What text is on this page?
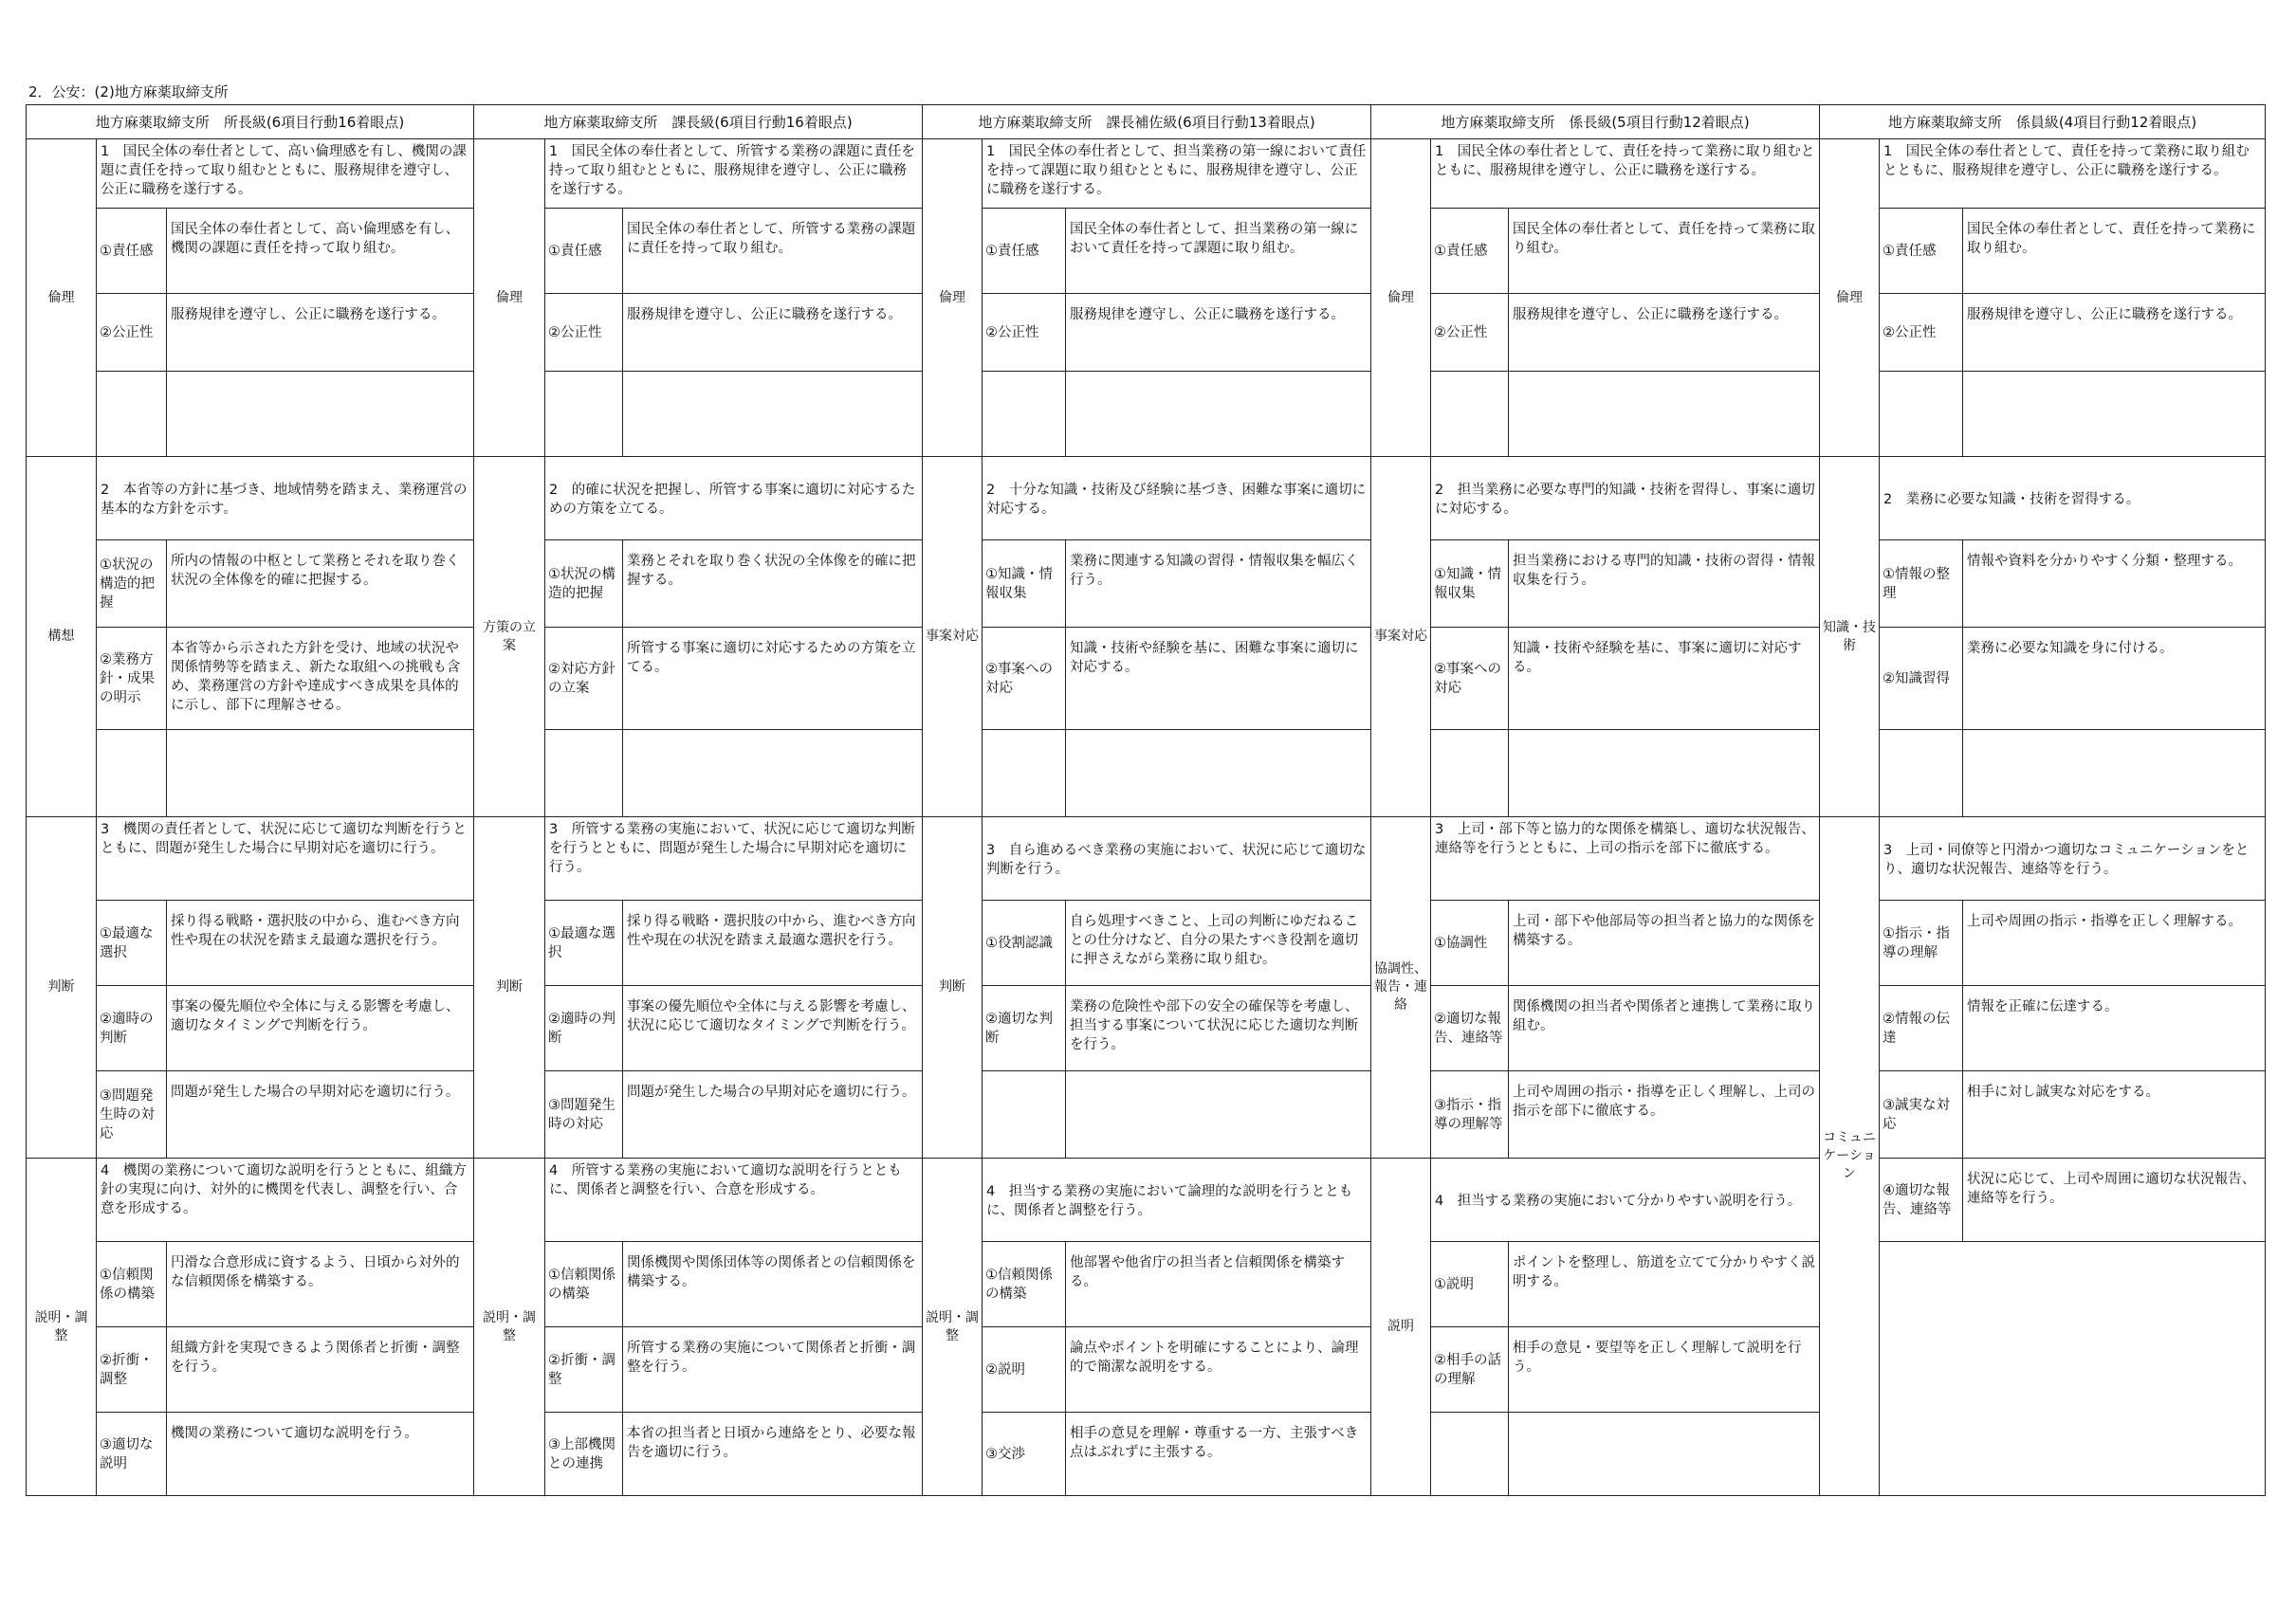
2．公安：(2)地方麻薬取締支所
地方麻薬取締支所　所長級(6項目行動16着眼点)
倫理
1　国民全体の奉仕者として、高い倫理感を有し、機関の課題に責任を持って取り組むとともに、服務規律を遵守し、公正に職務を遂行する。
①責任感
国民全体の奉仕者として、高い倫理感を有し、機関の課題に責任を持って取り組む。
②公正性
服務規律を遵守し、公正に職務を遂行する。
構想
2　本省等の方針に基づき、地域情勢を踏まえ、業務運営の基本的な方針を示す。
①状況の構造的把握
所内の情報の中枢として業務とそれを取り巻く状況の全体像を的確に把握する。
②業務方針・成果の明示
本省等から示された方針を受け、地域の状況や関係情勢等を踏まえ、新たな取組への挑戦も含め、業務運営の方針や達成すべき成果を具体的に示し、部下に理解させる。
判断
3　機関の責任者として、状況に応じて適切な判断を行うとともに、問題が発生した場合に早期対応を適切に行う。
①最適な選択
採り得る戦略・選択肢の中から、進むべき方向性や現在の状況を踏まえ最適な選択を行う。
②適時の判断
事案の優先順位や全体に与える影響を考慮し、適切なタイミングで判断を行う。
③問題発生時の対応
問題が発生した場合の早期対応を適切に行う。
説明・調整
4　機関の業務について適切な説明を行うとともに、組織方針の実現に向け、対外的に機関を代表し、調整を行い、合意を形成する。
①信頼関係の構築
円滑な合意形成に資するよう、日頃から対外的な信頼関係を構築する。
②折衝・調整
組織方針を実現できるよう関係者と折衝・調整を行う。
③適切な説明
機関の業務について適切な説明を行う。
地方麻薬取締支所　課長級(6項目行動16着眼点)
倫理
1　国民全体の奉仕者として、所管する業務の課題に責任を持って取り組むとともに、服務規律を遵守し、公正に職務を遂行する。
①責任感
国民全体の奉仕者として、所管する業務の課題に責任を持って取り組む。
②公正性
服務規律を遵守し、公正に職務を遂行する。
方策の立案
2　的確に状況を把握し、所管する事案に適切に対応するための方策を立てる。
①状況の構造的把握
業務とそれを取り巻く状況の全体像を的確に把握する。
②対応方針の立案
所管する事案に適切に対応するための方策を立てる。
判断
3　所管する業務の実施において、状況に応じて適切な判断を行うとともに、問題が発生した場合に早期対応を適切に行う。
①最適な選択
採り得る戦略・選択肢の中から、進むべき方向性や現在の状況を踏まえ最適な選択を行う。
②適時の判断
事案の優先順位や全体に与える影響を考慮し、状況に応じて適切なタイミングで判断を行う。
③問題発生時の対応
問題が発生した場合の早期対応を適切に行う。
説明・調整
4　所管する業務の実施において適切な説明を行うとともに、関係者と調整を行い、合意を形成する。
①信頼関係の構築
関係機関や関係団体等の関係者との信頼関係を構築する。
②折衝・調整
所管する業務の実施について関係者と折衝・調整を行う。
③上部機関との連携
本省の担当者と日頃から連絡をとり、必要な報告を適切に行う。
地方麻薬取締支所　課長補佐級(6項目行動13着眼点)
倫理
1　国民全体の奉仕者として、担当業務の第一線において責任を持って課題に取り組むとともに、服務規律を遵守し、公正に職務を遂行する。
①責任感
国民全体の奉仕者として、担当業務の第一線において責任を持って課題に取り組む。
②公正性
服務規律を遵守し、公正に職務を遂行する。
事案対応
2　十分な知識・技術及び経験に基づき、困難な事案に適切に対応する。
①知識・情報収集
業務に関連する知識の習得・情報収集を幅広く行う。
②事案への対応
知識・技術や経験を基に、困難な事案に適切に対応する。
判断
3　自ら進めるべき業務の実施において、状況に応じて適切な判断を行う。
①役割認識
自ら処理すべきこと、上司の判断にゆだねることの仕分けなど、自分の果たすべき役割を適切に押さえながら業務に取り組む。
②適切な判断
業務の危険性や部下の安全の確保等を考慮し、担当する事案について状況に応じた適切な判断を行う。
説明・調整
4　担当する業務の実施において論理的な説明を行うとともに、関係者と調整を行う。
①信頼関係の構築
他部署や他省庁の担当者と信頼関係を構築する。
②説明
論点やポイントを明確にすることにより、論理的で簡潔な説明をする。
③交渉
相手の意見を理解・尊重する一方、主張すべき点はぶれずに主張する。
地方麻薬取締支所　係長級(5項目行動12着眼点)
倫理
1　国民全体の奉仕者として、責任を持って業務に取り組むとともに、服務規律を遵守し、公正に職務を遂行する。
①責任感
国民全体の奉仕者として、責任を持って業務に取り組む。
②公正性
服務規律を遵守し、公正に職務を遂行する。
事案対応
2　担当業務に必要な専門的知識・技術を習得し、事案に適切に対応する。
①知識・情報収集
担当業務における専門的知識・技術の習得・情報収集を行う。
②事案への対応
知識・技術や経験を基に、事案に適切に対応する。
協調性、報告・連絡
3　上司・部下等と協力的な関係を構築し、適切な状況報告、連絡等を行うとともに、上司の指示を部下に徹底する。
①協調性
上司・部下や他部局等の担当者と協力的な関係を構築する。
②適切な報告、連絡等
関係機関の担当者や関係者と連携して業務に取り組む。
③指示・指導の理解等
上司や周囲の指示・指導を正しく理解し、上司の指示を部下に徹底する。
説明
4　担当する業務の実施において分かりやすい説明を行う。
①説明
ポイントを整理し、筋道を立てて分かりやすく説明する。
②相手の話の理解
相手の意見・要望等を正しく理解して説明を行う。
地方麻薬取締支所　係員級(4項目行動12着眼点)
倫理
1　国民全体の奉仕者として、責任を持って業務に取り組むとともに、服務規律を遵守し、公正に職務を遂行する。
①責任感
国民全体の奉仕者として、責任を持って業務に取り組む。
②公正性
服務規律を遵守し、公正に職務を遂行する。
知識・技術
2　業務に必要な知識・技術を習得する。
①情報の整理
情報や資料を分かりやすく分類・整理する。
②知識習得
業務に必要な知識を身に付ける。
コミュニケーション
3　上司・同僚等と円滑かつ適切なコミュニケーションをとり、適切な状況報告、連絡等を行う。
①指示・指導の理解
上司や周囲の指示・指導を正しく理解する。
②情報の伝達
情報を正確に伝達する。
③誠実な対応
相手に対し誠実な対応をする。
④適切な報告、連絡等
状況に応じて、上司や周囲に適切な状況報告、連絡等を行う。
